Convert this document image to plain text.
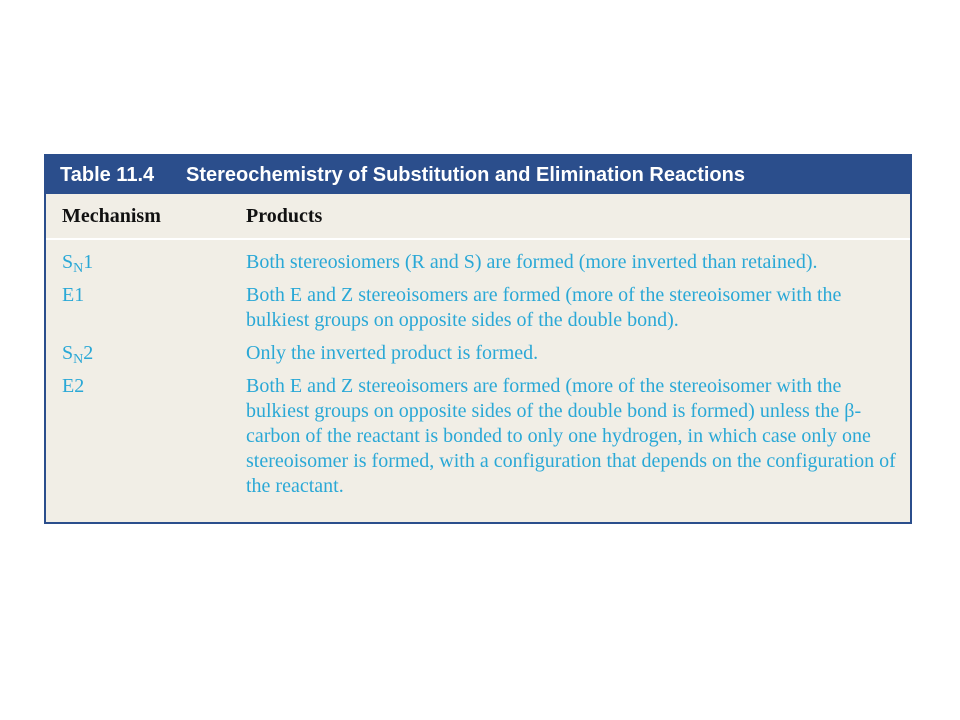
Table 11.4	Stereochemistry of Substitution and Elimination Reactions
Mechanism	Products
$S_N1$	Both stereosiomers (R and S) are formed (more inverted than retained).
E1	Both E and Z stereoisomers are formed (more of the stereoisomer with the bulkiest groups on opposite sides of the double bond).
$S_N2$	Only the inverted product is formed.
E2	Both E and Z stereoisomers are formed (more of the stereoisomer with the bulkiest groups on opposite sides of the double bond is formed) unless the β-carbon of the reactant is bonded to only one hydrogen, in which case only one stereoisomer is formed, with a configuration that depends on the configuration of the reactant.
